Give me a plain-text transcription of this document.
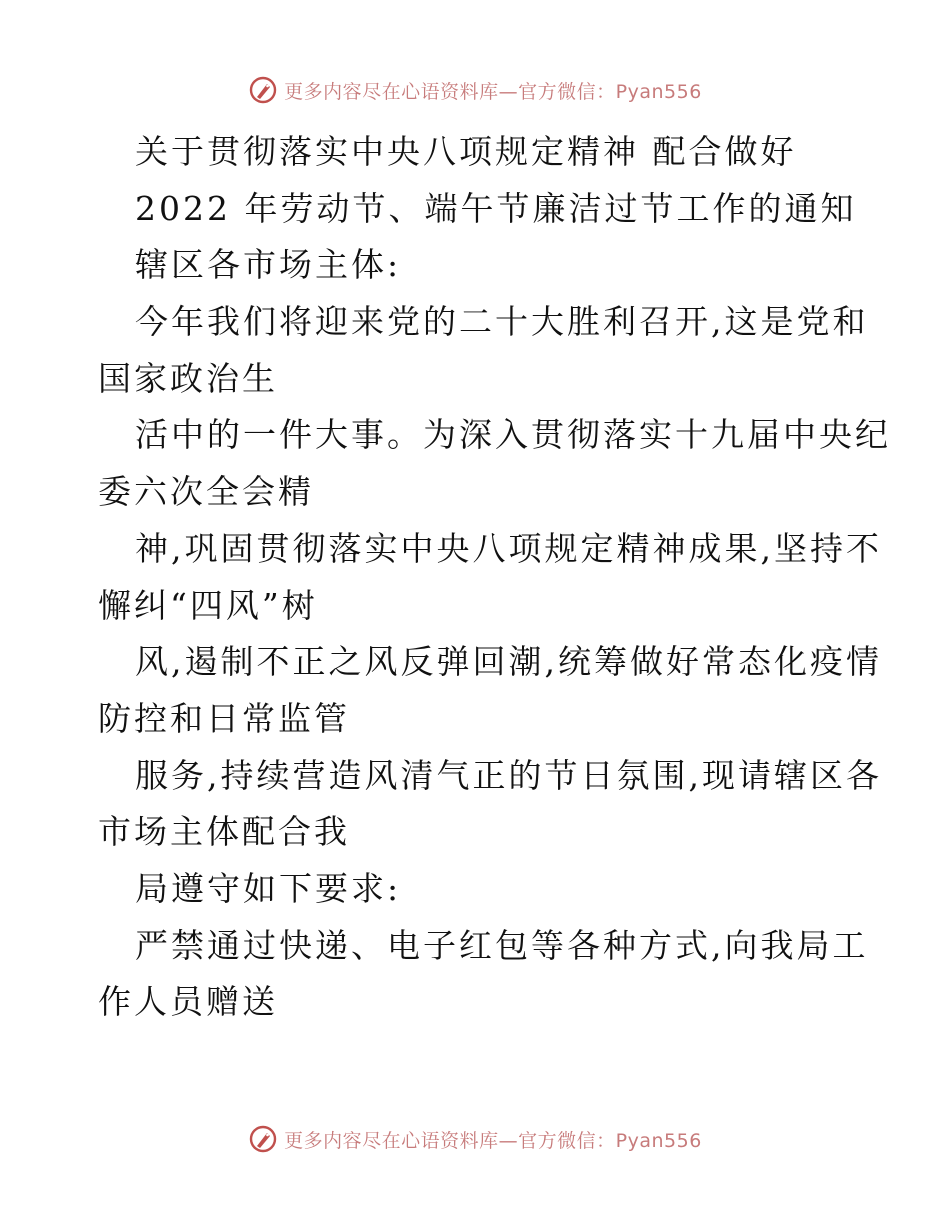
更多内容尽在心语资料库—官方微信：Pyan556
关于贯彻落实中央八项规定精神 配合做好
2022 年劳动节、端午节廉洁过节工作的通知
辖区各市场主体:
今年我们将迎来党的二十大胜利召开,这是党和
国家政治生
活中的一件大事。为深入贯彻落实十九届中央纪
委六次全会精
神,巩固贯彻落实中央八项规定精神成果,坚持不
懈纠“四风”树
风,遏制不正之风反弹回潮,统筹做好常态化疫情
防控和日常监管
服务,持续营造风清气正的节日氛围,现请辖区各
市场主体配合我
局遵守如下要求:
严禁通过快递、电子红包等各种方式,向我局工
作人员赠送
更多内容尽在心语资料库—官方微信：Pyan556
